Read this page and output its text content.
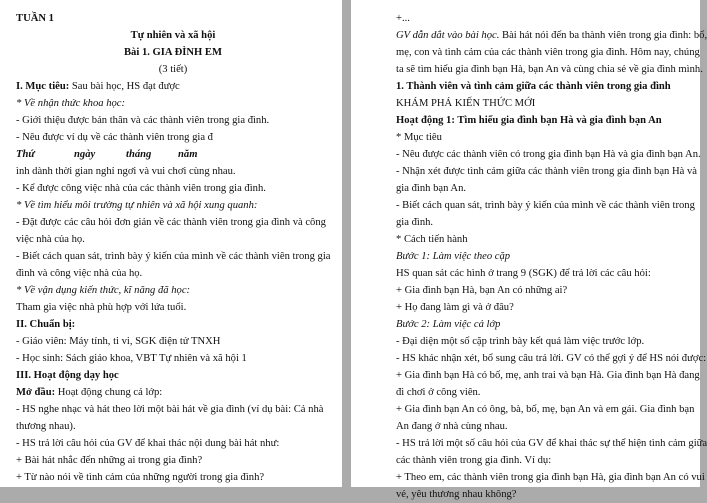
TUẦN 1
Tự nhiên và xã hội
Bài 1. GIA ĐÌNH EM
(3 tiết)
I. Mục tiêu: Sau bài học, HS đạt được
* Về nhận thức khoa học:
- Giới thiệu được bản thân và các thành viên trong gia đình.
- Nêu được ví dụ về các thành viên trong gia đ
Thứ	ngày	tháng	năm
ình dành thời gian nghỉ ngơi và vui chơi cùng nhau.
- Kể được công việc nhà của các thành viên trong gia đình.
* Về tìm hiểu môi trường tự nhiên và xã hội xung quanh:
- Đặt được các câu hỏi đơn giản về các thành viên trong gia đình và công
việc nhà của họ.
- Biết cách quan sát, trình bày ý kiến của mình về các thành viên trong gia
đình và công việc nhà của họ.
* Về vận dụng kiến thức, kĩ năng đã học:
Tham gia việc nhà phù hợp với lứa tuổi.
II. Chuẩn bị:
- Giáo viên: Máy tính, ti vi, SGK điện tử TNXH
- Học sinh: Sách giáo khoa, VBT Tự nhiên và xã hội 1
III. Hoạt động dạy học
Mở đầu: Hoạt động chung cả lớp:
- HS nghe nhạc và hát theo lời một bài hát về gia đình (ví dụ bài: Cả nhà
thương nhau).
- HS trả lời câu hỏi của GV để khai thác nội dung bài hát như:
+ Bài hát nhắc đến những ai trong gia đình?
+ Từ nào nói về tình cảm của những người trong gia đình?
+...
GV dẫn dắt vào bài học. Bài hát nói đến ba thành viên trong gia đình: bố,
mẹ, con và tình cảm của các thành viên trong gia đình. Hôm nay, chúng
ta sẽ tìm hiểu gia đình bạn Hà, bạn An và cùng chia sẻ về gia đình mình.
1. Thành viên và tình cảm giữa các thành viên trong gia đình
KHÁM PHÁ KIẾN THỨC MỚI
Hoạt động 1: Tìm hiểu gia đình bạn Hà và gia đình bạn An
* Mục tiêu
- Nêu được các thành viên có trong gia đình bạn Hà và gia đình bạn An.
- Nhận xét được tình cảm giữa các thành viên trong gia đình bạn Hà và
gia đình bạn An.
- Biết cách quan sát, trình bày ý kiến của mình về các thành viên trong
gia đình.
* Cách tiến hành
Bước 1: Làm việc theo cặp
HS quan sát các hình ở trang 9 (SGK) để trả lời các câu hỏi:
+ Gia đình bạn Hà, bạn An có những ai?
+ Họ đang làm gì và ở đâu?
Bước 2: Làm việc cả lớp
- Đại diện một số cặp trình bày kết quả làm việc trước lớp.
- HS khác nhận xét, bổ sung câu trả lời. GV có thể gợi ý để HS nói được:
+ Gia đình bạn Hà có bố, mẹ, anh trai và bạn Hà. Gia đình bạn Hà đang
đi chơi ở công viên.
+ Gia đình bạn An có ông, bà, bố, mẹ, bạn An và em gái. Gia đình bạn
An đang ở nhà cùng nhau.
- HS trả lời một số câu hỏi của GV để khai thác sự thể hiện tình cảm giữa
các thành viên trong gia đình. Ví dụ:
+ Theo em, các thành viên trong gia đình bạn Hà, gia đình bạn An có vui
vẻ, yêu thương nhau không?
